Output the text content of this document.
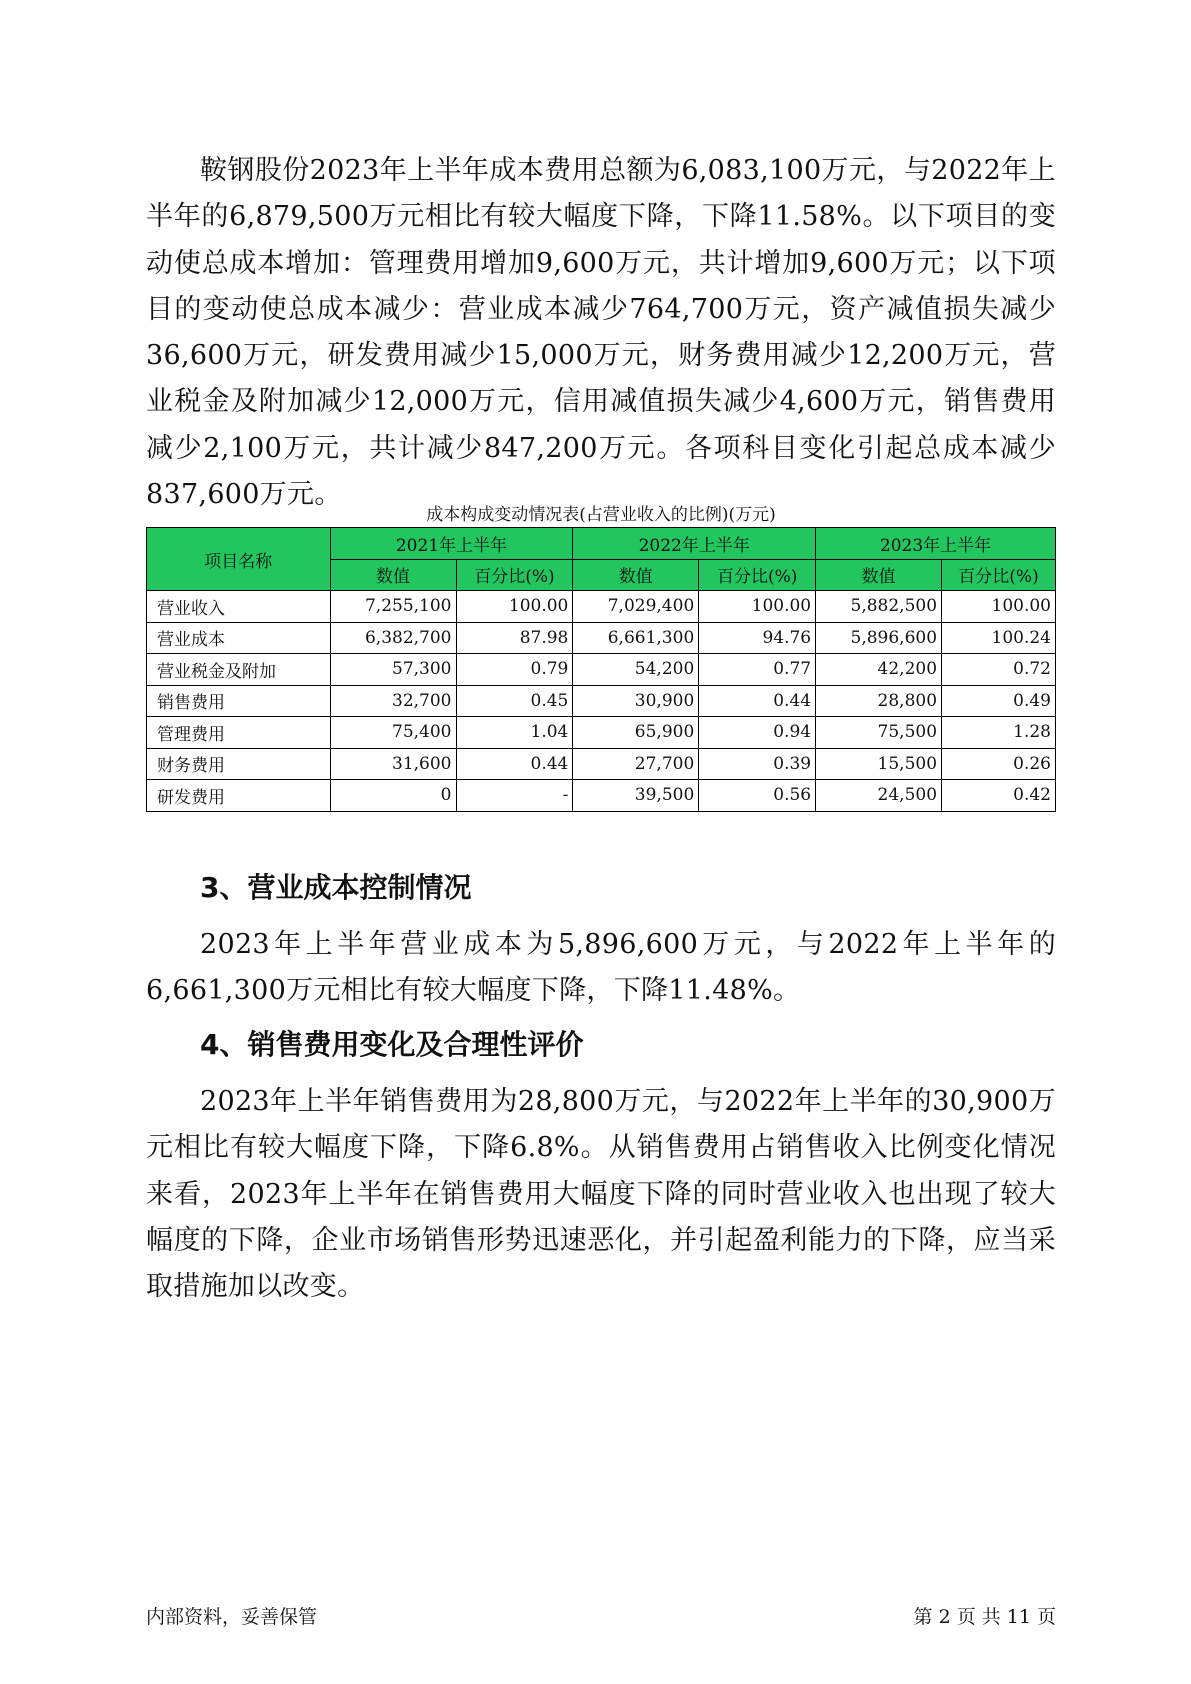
鞍钢股份2023年上半年成本费用总额为6,083,100万元，与2022年上半年的6,879,500万元相比有较大幅度下降，下降11.58%。以下项目的变动使总成本增加：管理费用增加9,600万元，共计增加9,600万元；以下项目的变动使总成本减少：营业成本减少764,700万元，资产减值损失减少36,600万元，研发费用减少15,000万元，财务费用减少12,200万元，营业税金及附加减少12,000万元，信用减值损失减少4,600万元，销售费用减少2,100万元，共计减少847,200万元。各项科目变化引起总成本减少837,600万元。

成本构成变动情况表(占营业收入的比例)(万元)

项目名称	2021年上半年		2022年上半年		2023年上半年	
	数值	百分比(%)	数值	百分比(%)	数值	百分比(%)
营业收入	7,255,100	100.00	7,029,400	100.00	5,882,500	100.00
营业成本	6,382,700	87.98	6,661,300	94.76	5,896,600	100.24
营业税金及附加	57,300	0.79	54,200	0.77	42,200	0.72
销售费用	32,700	0.45	30,900	0.44	28,800	0.49
管理费用	75,400	1.04	65,900	0.94	75,500	1.28
财务费用	31,600	0.44	27,700	0.39	15,500	0.26
研发费用	0	-	39,500	0.56	24,500	0.42
3、营业成本控制情况

2023年上半年营业成本为5,896,600万元，与2022年上半年的6,661,300万元相比有较大幅度下降，下降11.48%。

4、销售费用变化及合理性评价

2023年上半年销售费用为28,800万元，与2022年上半年的30,900万元相比有较大幅度下降，下降6.8%。从销售费用占销售收入比例变化情况来看，2023年上半年在销售费用大幅度下降的同时营业收入也出现了较大幅度的下降，企业市场销售形势迅速恶化，并引起盈利能力的下降，应当采取措施加以改变。

内部资料，妥善保管	第 2 页 共 11 页
